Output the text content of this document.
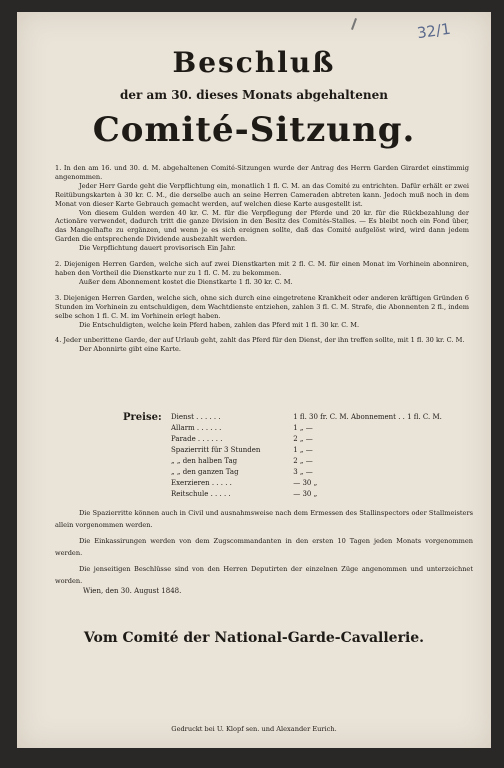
32/1
Beschluß
der am 30. dieses Monats abgehaltenen
Comité-Sitzung.
1. In den am 16. und 30. d. M. abgehaltenen Comité-Sitzungen wurde der Antrag des Herrn Garden Girardet einstimmig angenommen.
Jeder Herr Garde geht die Verpflichtung ein, monatlich 1 fl. C. M. an das Comité zu entrichten. Dafür erhält er zwei Reitübungskarten à 30 kr. C. M., die derselbe auch an seine Herren Cameraden abtreten kann. Jedoch muß noch in dem Monat von dieser Karte Gebrauch gemacht werden, auf welchen diese Karte ausgestellt ist.
Von diesem Gulden werden 40 kr. C. M. für die Verpflegung der Pferde und 20 kr. für die Rückbezahlung der Actionäre verwendet, dadurch tritt die ganze Division in den Besitz des Comités-Stalles. — Es bleibt noch ein Fond über, das Mangelhafte zu ergänzen, und wenn je es sich ereignen sollte, daß das Comité aufgelöst wird, wird dann jedem Garden die entsprechende Dividende ausbezahlt werden.
Die Verpflichtung dauert provisorisch Ein Jahr.
2. Diejenigen Herren Garden, welche sich auf zwei Dienstkarten mit 2 fl. C. M. für einen Monat im Vorhinein abonniren, haben den Vortheil die Dienstkarte nur zu 1 fl. C. M. zu bekommen.
Außer dem Abonnement kostet die Dienstkarte 1 fl. 30 kr. C. M.
3. Diejenigen Herren Garden, welche sich, ohne sich durch eine eingetretene Krankheit oder anderen kräftigen Gründen 6 Stunden im Vorhinein zu entschuldigen, dem Wachtdienste entziehen, zahlen 3 fl. C. M. Strafe, die Abonnenten 2 fl., indem selbe schon 1 fl. C. M. im Vorhinein erlegt haben.
Die Entschuldigten, welche kein Pferd haben, zahlen das Pferd mit 1 fl. 30 kr. C. M.
4. Jeder unberittene Garde, der auf Urlaub geht, zahlt das Pferd für den Dienst, der ihn treffen sollte, mit 1 fl. 30 kr. C. M.
Der Abonnirte gibt eine Karte.
Preise: Dienst . . . . . .	1 fl. 30 fr. C. M. Abonnement . . 1 fl. C. M.
Allarm . . . . . .	1 „ —
Parade . . . . . .	2 „ —
Spazierritt für 3 Stunden	1 „ —
„ „ den halben Tag	2 „ —
„ „ den ganzen Tag	3 „ —
Exerzieren . . . . .	— 30 „
Reitschule . . . . .	— 30 „

Die Spazierritte können auch in Civil und ausnahmsweise nach dem Ermessen des Stallinspectors oder Stallmeisters allein vorgenommen werden.

Die Einkassirungen werden von dem Zugscommandanten in den ersten 10 Tagen jeden Monats vorgenommen werden.

Die jenseitigen Beschlüsse sind von den Herren Deputirten der einzelnen Züge angenommen und unterzeichnet worden.

Wien, den 30. August 1848.
Vom Comité der National-Garde-Cavallerie.
Gedruckt bei U. Klopf sen. und Alexander Eurich.
